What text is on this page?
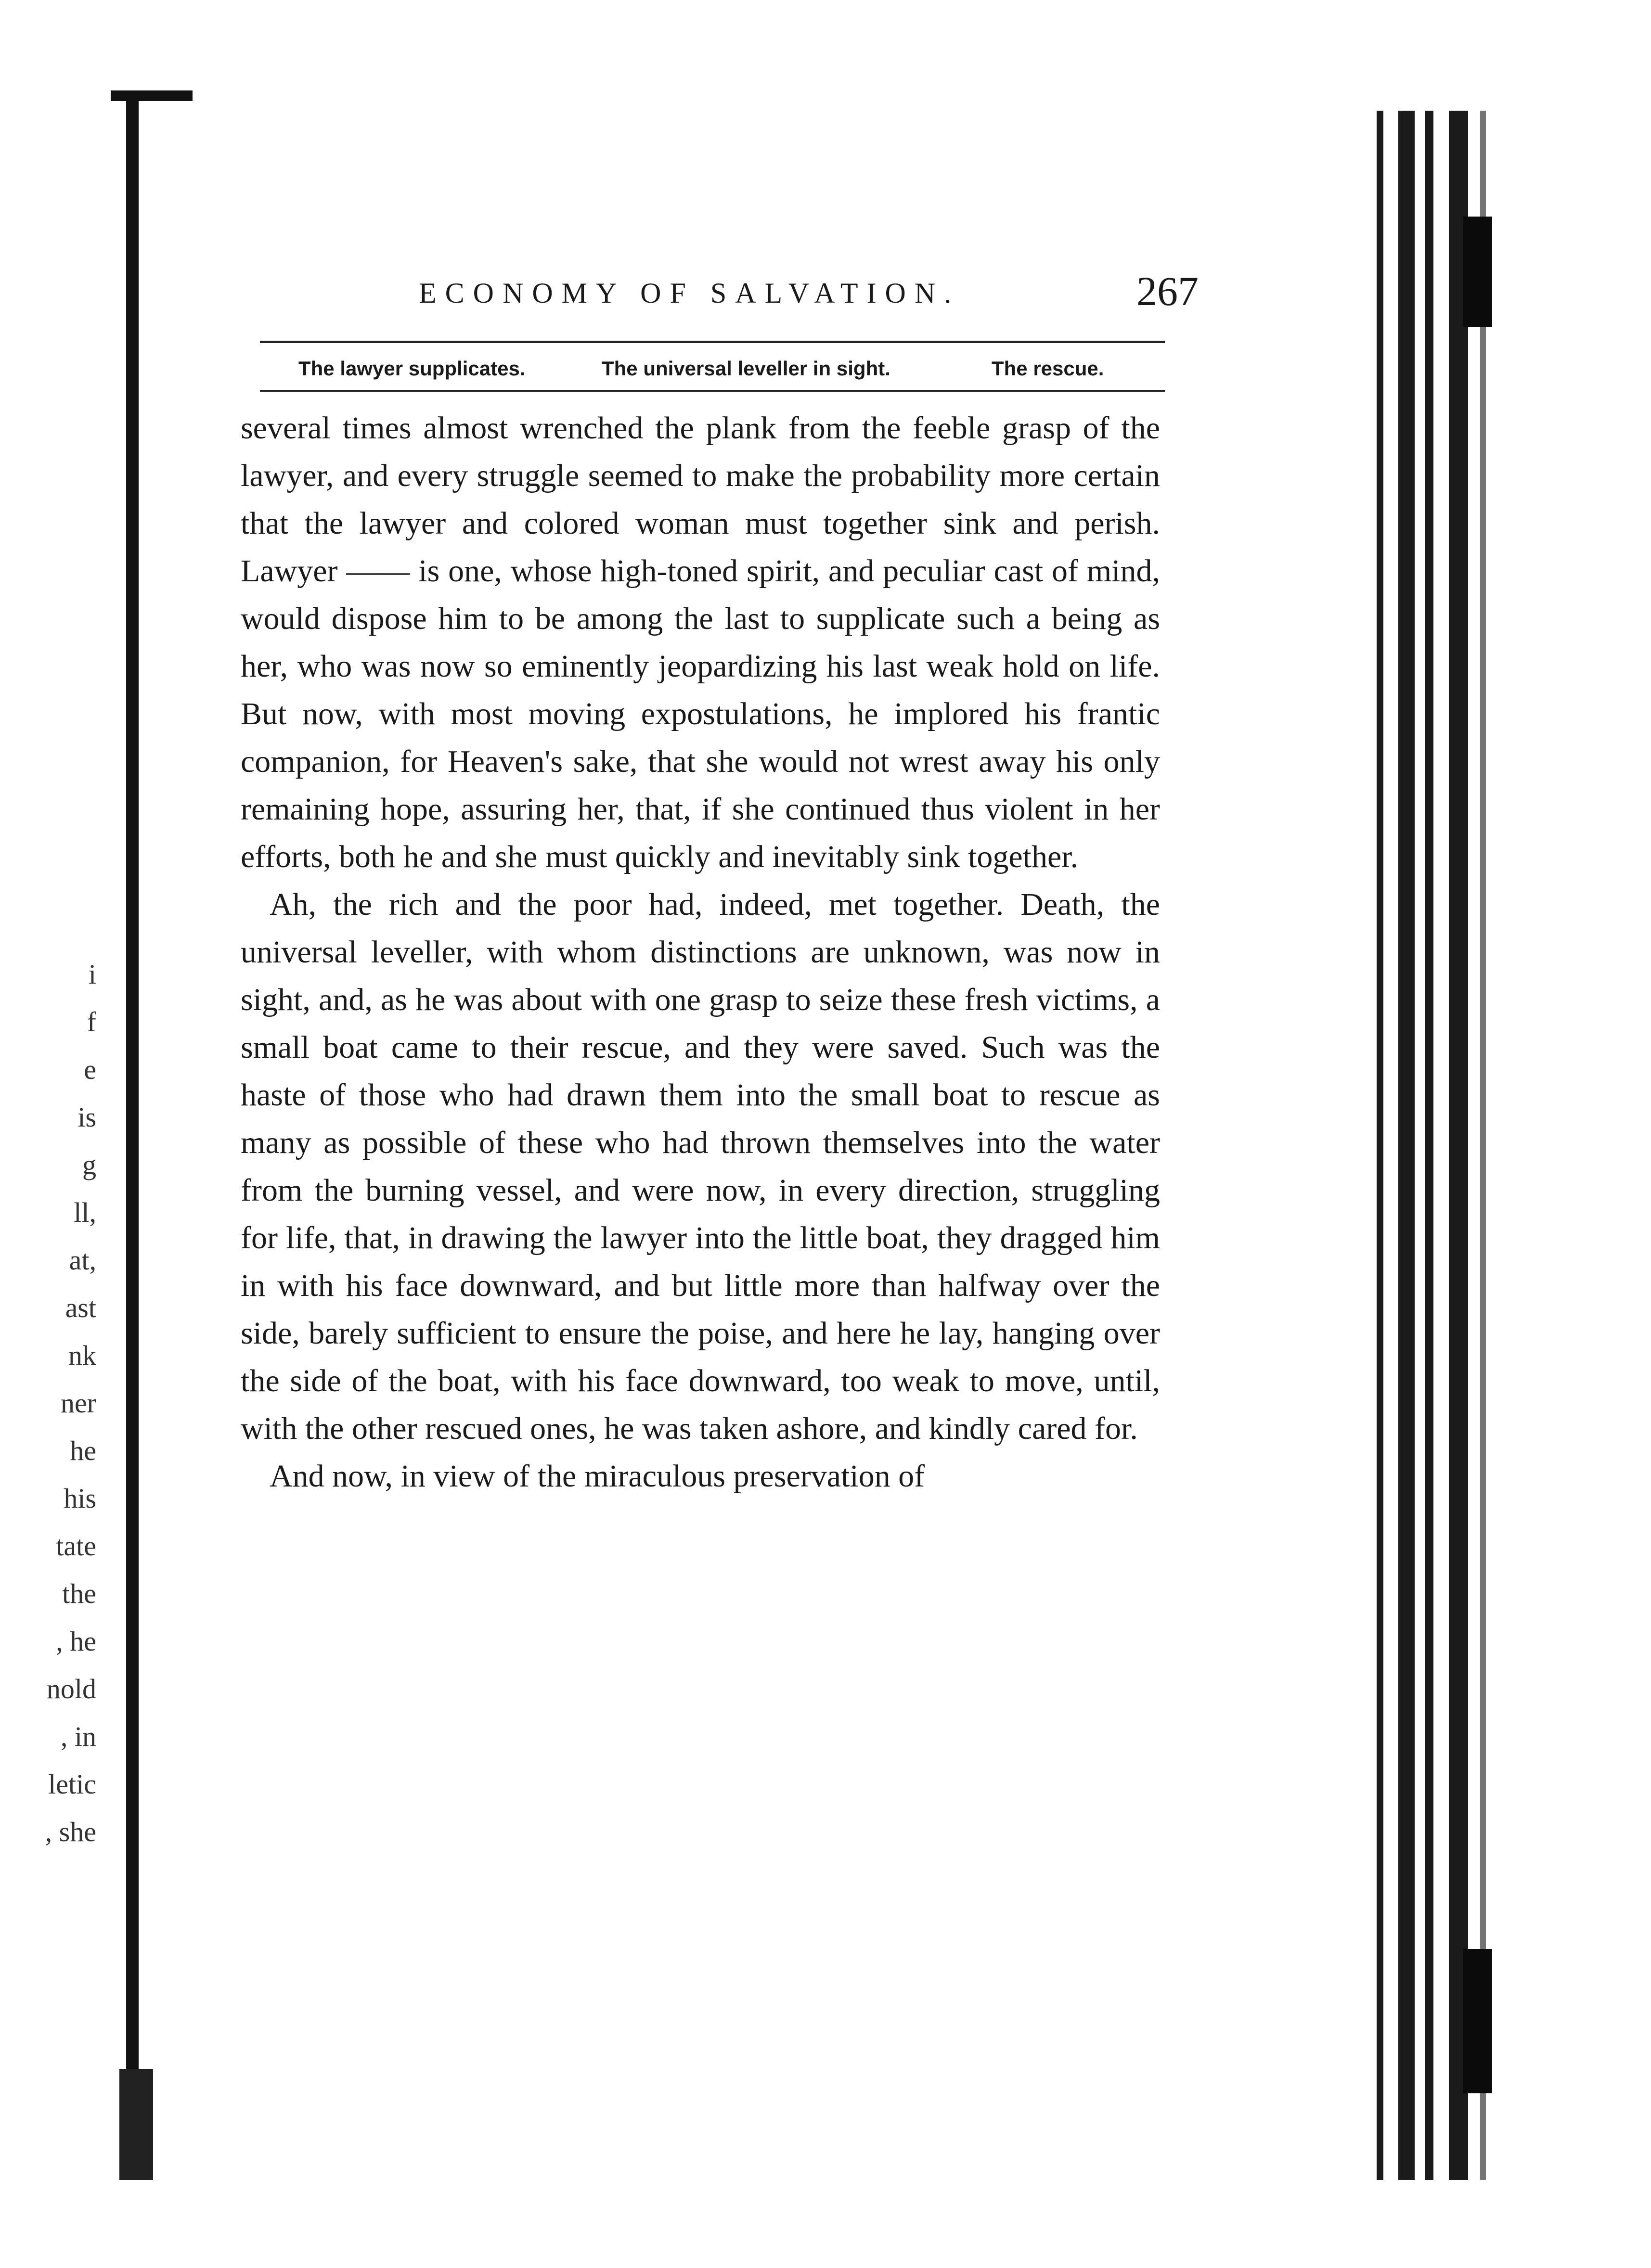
i
f
e
is
g
ll,
at,
ast
nk
ner
he
his
tate
the
, he
nold
, in
letic
, she
ECONOMY OF SALVATION.	267
The lawyer supplicates.	The universal leveller in sight.	The rescue.

several times almost wrenched the plank from the feeble grasp of the lawyer, and every struggle seemed to make the probability more certain that the lawyer and colored woman must together sink and perish. Lawyer —— is one, whose high-toned spirit, and peculiar cast of mind, would dispose him to be among the last to supplicate such a being as her, who was now so eminently jeopardizing his last weak hold on life. But now, with most moving expostulations, he implored his frantic companion, for Heaven's sake, that she would not wrest away his only remaining hope, assuring her, that, if she continued thus violent in her efforts, both he and she must quickly and inevitably sink together.

Ah, the rich and the poor had, indeed, met together. Death, the universal leveller, with whom distinctions are unknown, was now in sight, and, as he was about with one grasp to seize these fresh victims, a small boat came to their rescue, and they were saved. Such was the haste of those who had drawn them into the small boat to rescue as many as possible of these who had thrown themselves into the water from the burning vessel, and were now, in every direction, struggling for life, that, in drawing the lawyer into the little boat, they dragged him in with his face downward, and but little more than halfway over the side, barely sufficient to ensure the poise, and here he lay, hanging over the side of the boat, with his face downward, too weak to move, until, with the other rescued ones, he was taken ashore, and kindly cared for.

And now, in view of the miraculous preservation of
